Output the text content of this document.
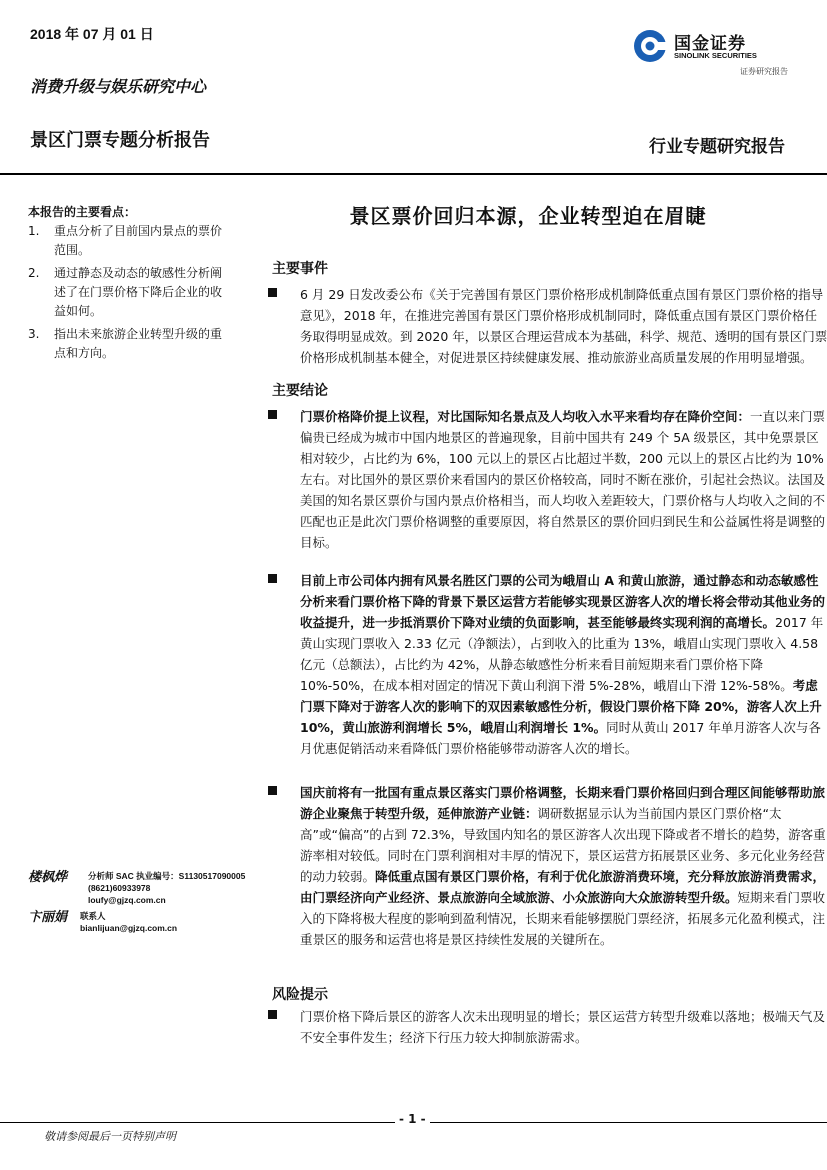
2018 年 07 月 01 日
消费升级与娱乐研究中心
景区门票专题分析报告	行业专题研究报告
国金证券
SINOLINK SECURITIES
证券研究报告
本报告的主要看点：
1.	重点分析了目前国内景点的票价范围。
2.	通过静态及动态的敏感性分析阐述了在门票价格下降后企业的收益如何。
3.	指出未来旅游企业转型升级的重点和方向。
楼枫烨 分析师 SAC 执业编号：S1130517090005
(8621)60933978
loufy@gjzq.com.cn
卞丽娟 联系人
bianlijuan@gjzq.com.cn
景区票价回归本源，企业转型迫在眉睫
主要事件

6 月 29 日发改委公布《关于完善国有景区门票价格形成机制降低重点国有景区门票价格的指导意见》，2018 年，在推进完善国有景区门票价格形成机制同时，降低重点国有景区门票价格任务取得明显成效。到 2020 年，以景区合理运营成本为基础，科学、规范、透明的国有景区门票价格形成机制基本健全，对促进景区持续健康发展、推动旅游业高质量发展的作用明显增强。

主要结论

门票价格降价提上议程，对比国际知名景点及人均收入水平来看均存在降价空间：一直以来门票偏贵已经成为城市中国内地景区的普遍现象，目前中国共有 249 个 5A 级景区，其中免票景区相对较少，占比约为 6%，100 元以上的景区占比超过半数，200 元以上的景区占比约为 10%左右。对比国外的景区票价来看国内的景区价格较高，同时不断在涨价，引起社会热议。法国及美国的知名景区票价与国内景点价格相当，而人均收入差距较大，门票价格与人均收入之间的不匹配也正是此次门票价格调整的重要原因，将自然景区的票价回归到民生和公益属性将是调整的目标。

目前上市公司体内拥有风景名胜区门票的公司为峨眉山 A 和黄山旅游，通过静态和动态敏感性分析来看门票价格下降的背景下景区运营方若能够实现景区游客人次的增长将会带动其他业务的收益提升，进一步抵消票价下降对业绩的负面影响，甚至能够最终实现利润的高增长。2017 年黄山实现门票收入 2.33 亿元（净额法），占到收入的比重为 13%，峨眉山实现门票收入 4.58 亿元（总额法），占比约为 42%，从静态敏感性分析来看目前短期来看门票价格下降 10%-50%，在成本相对固定的情况下黄山利润下滑 5%-28%，峨眉山下滑 12%-58%。考虑门票下降对于游客人次的影响下的双因素敏感性分析，假设门票价格下降 20%，游客人次上升 10%，黄山旅游利润增长 5%，峨眉山利润增长 1%。同时从黄山 2017 年单月游客人次与各月优惠促销活动来看降低门票价格能够带动游客人次的增长。

国庆前将有一批国有重点景区落实门票价格调整，长期来看门票价格回归到合理区间能够帮助旅游企业聚焦于转型升级，延伸旅游产业链：调研数据显示认为当前国内景区门票价格“太高”或“偏高”的占到 72.3%，导致国内知名的景区游客人次出现下降或者不增长的趋势，游客重游率相对较低。同时在门票利润相对丰厚的情况下，景区运营方拓展景区业务、多元化业务经营的动力较弱。降低重点国有景区门票价格，有利于优化旅游消费环境，充分释放旅游消费需求，由门票经济向产业经济、景点旅游向全域旅游、小众旅游向大众旅游转型升级。短期来看门票收入的下降将极大程度的影响到盈利情况，长期来看能够摆脱门票经济，拓展多元化盈利模式，注重景区的服务和运营也将是景区持续性发展的关键所在。

风险提示

门票价格下降后景区的游客人次未出现明显的增长；景区运营方转型升级难以落地；极端天气及不安全事件发生；经济下行压力较大抑制旅游需求。

- 1 -
敬请参阅最后一页特别声明
